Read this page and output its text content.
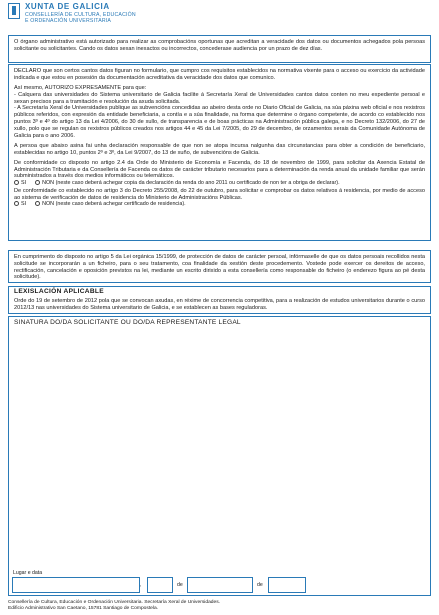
XUNTA DE GALICIA
CONSELLERÍA DE CULTURA, EDUCACIÓN
E ORDENACIÓN UNIVERSITARIA

O órgano administrativo está autorizado para realizar as comprobacións oportunas que acreditan a veracidade dos datos ou documentos achegados pola persoas solicitante ou solicitantes. Cando os datos sexan inexactos ou incorrectos, concederase audiencia por un prazo de dez días.

DECLARO que son certos cantos datos figuran no formulario, que cumpro cos requisitos establecidos na normativa vixente para o acceso ou exercicio da actividade indicada e que estou en posesión da documentación acreditativa da veracidade dos datos que comunico.

Así mesmo, AUTORIZO EXPRESAMENTE para que:

- Calquera das universidades do Sistema universitario de Galicia facilite á Secretaría Xeral de Universidades cantos datos conten no meu expediente persoal e sexan precisos para a tramitación e resolución da axuda solicitada.

- A Secretaría Xeral de Universidades publique as subvencións concedidas ao abeiro desta orde no Diario Oficial de Galicia, na súa páxina web oficial e nos rexistros públicos referidos, con expresión da entidade beneficiaria, a contía e a súa finalidade, na forma que determine o órgano competente, de acordo co establecido nos puntos 3º e 4º do artigo 13 da Lei 4/2006, do 30 de xullo, de transparencia e de boas prácticas na Administración pública galega, e no Decreto 132/2006, do 27 de xullo, polo que se regulan os rexistros públicos creados nos artigos 44 e 45 da Lei 7/2005, do 29 de decembro, de orzamentos xerais da Comunidade Autónoma de Galicia para o ano 2006.

A persoa que abaixo asina fai unha declaración responsable de que non se atopa incursa nalgunha das circunstancias para obter a condición de beneficiario, establecidas no artigo 10, puntos 2º e 3º, da Lei 9/2007, do 13 de xuño, de subvencións de Galicia.

De conformidade co disposto no artigo 2.4 da Orde do Ministerio de Economía e Facenda, do 18 de novembro de 1999, para solicitar da Axencia Estatal de Administración Tributaria e da Consellería de Facenda os datos de carácter tributario necesarios para a determinación da renda anual da unidade familiar que serán subministrados a través dos medios informáticos ou telemáticos.

SI	NON (neste caso deberá achegar copia da declaración da renda do ano 2011 ou certificado de non ter a obriga de declarar).

De conformidade co establecido no artigo 3 do Decreto 255/2008, do 22 de outubro, para solicitar e comprobar os datos relativos á residencia, por medio de acceso ao sistema de verificación de datos de residencia do Ministerio de Administracións Públicas.

SI	NON (neste caso deberá achegar certificado de residencia).

En cumprimento do disposto no artigo 5 da Lei orgánica 15/1999, de protección de datos de carácter persoal, infórmaselle de que os datos persoais recollidos nesta solicitude se incorporarán a un ficheiro, para o seu tratamento, coa finalidade da xestión deste procedemento. Vostede pode exercer os dereitos de acceso, rectificación, cancelación e oposición previstos na lei, mediante un escrito dirixido a esta consellería como responsable do ficheiro (o enderezo figura ao pé desta solicitude).

LEXISLACIÓN APLICABLE

Orde do 19 de setembro de 2012 pola que se convocan axudas, en réxime de concorrencia competitiva, para a realización de estudos universitarios durante o curso 2012/13 nas universidades do Sistema universitario de Galicia, e se establecen as bases reguladoras.

SINATURA DO/DA SOLICITANTE OU DO/DA REPRESENTANTE LEGAL
Lugar e data
,	de	de
Consellería de Cultura, Educación e Ordenación Universitaria. Secretaría Xeral de Universidades.
Edificio Administrativo San Caetano, 15781 Santiago de Compostela.
